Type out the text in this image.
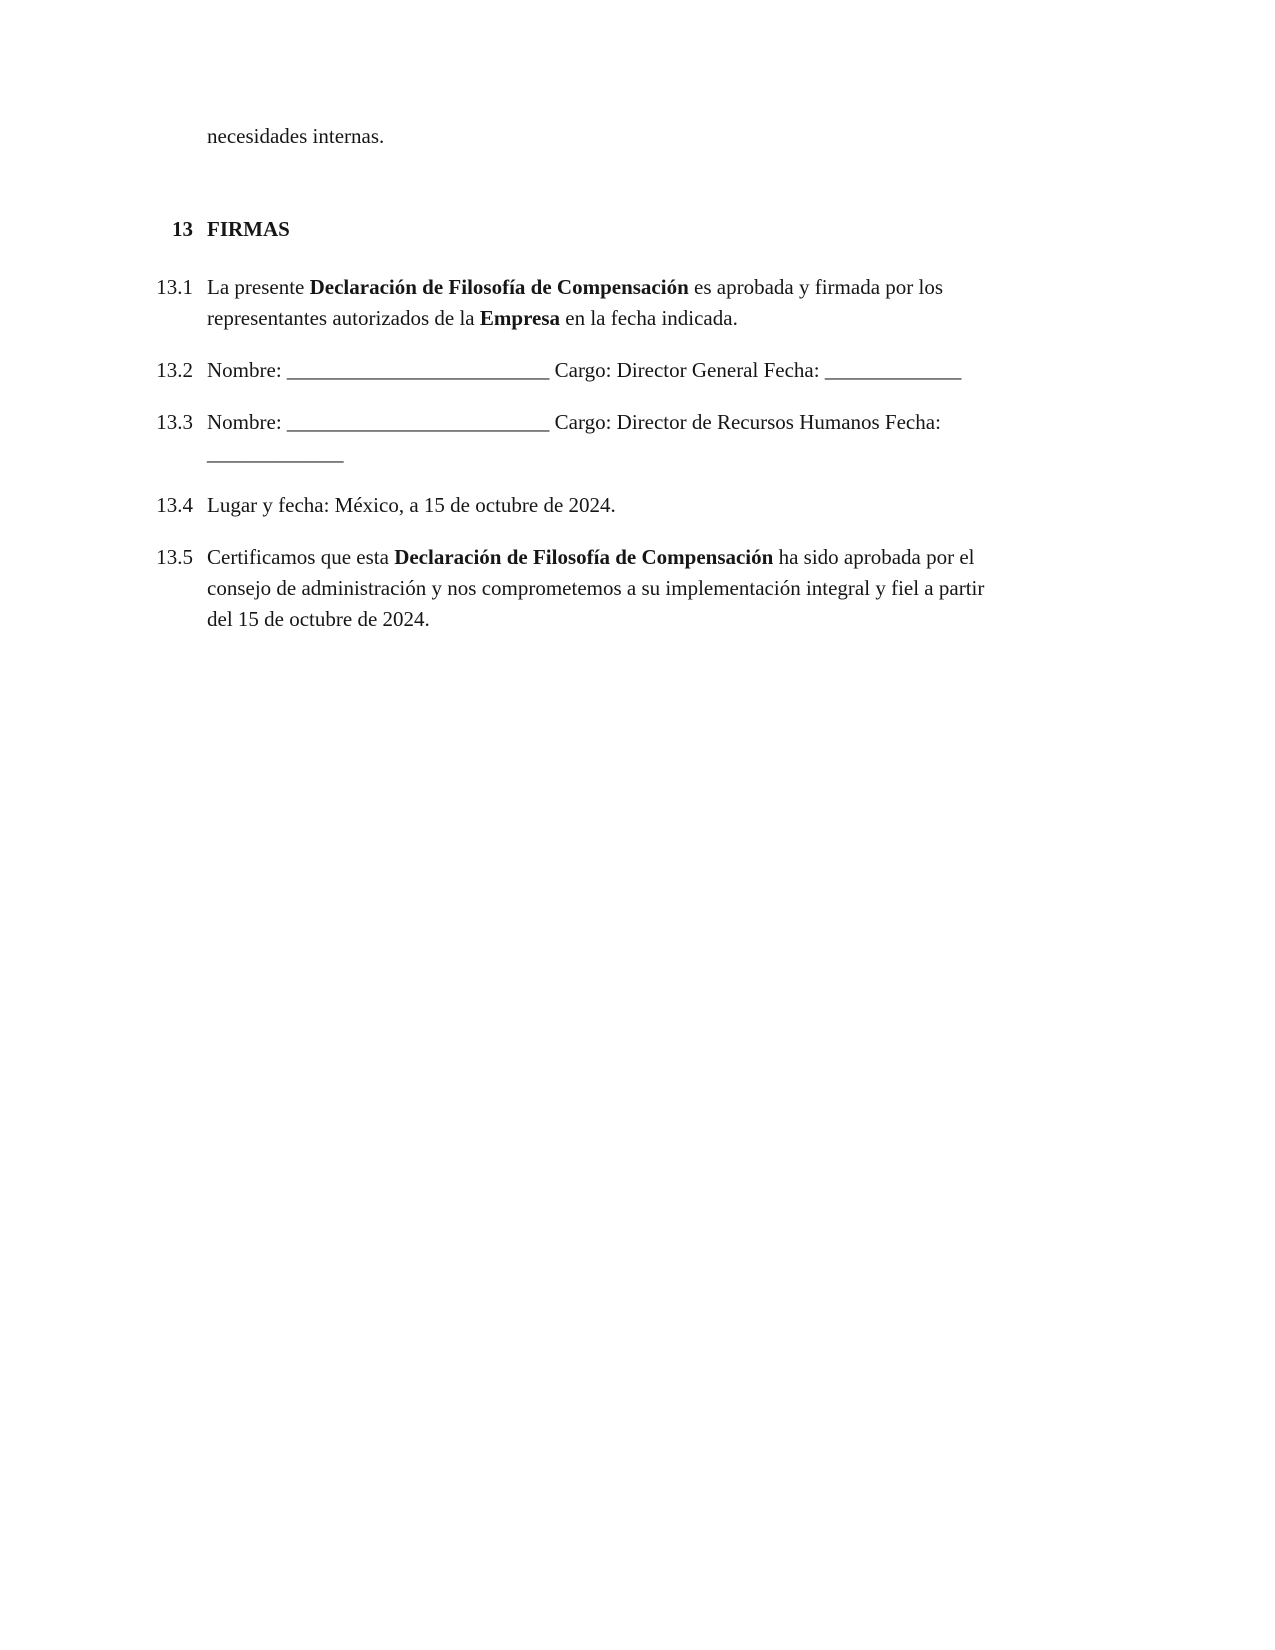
necesidades internas.

13 FIRMAS
13.1 La presente Declaración de Filosofía de Compensación es aprobada y firmada por los
representantes autorizados de la Empresa en la fecha indicada.
13.2 Nombre: _________________________ Cargo: Director General Fecha: _____________
13.3 Nombre: _________________________ Cargo: Director de Recursos Humanos Fecha:
_____________
13.4 Lugar y fecha: México, a 15 de octubre de 2024.
13.5 Certificamos que esta Declaración de Filosofía de Compensación ha sido aprobada por el
consejo de administración y nos comprometemos a su implementación integral y fiel a partir
del 15 de octubre de 2024.
